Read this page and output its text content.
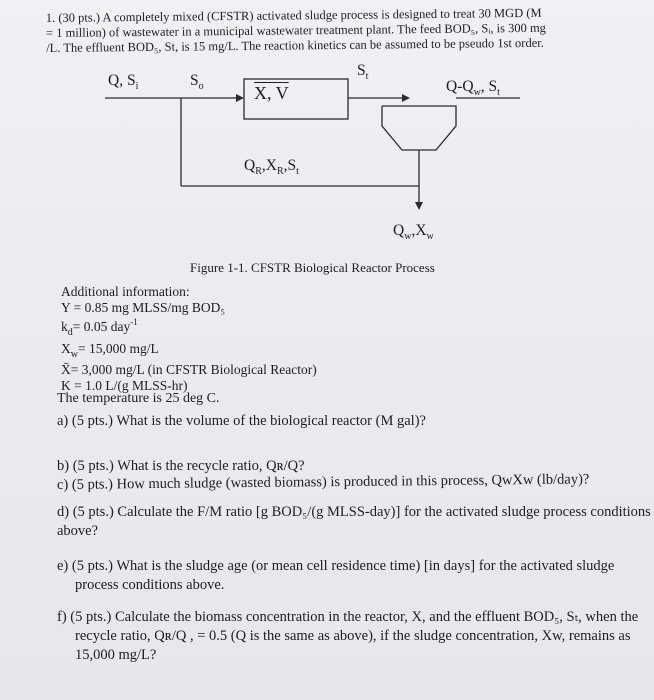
1. (30 pts.) A completely mixed (CFSTR) activated sludge process is designed to treat 30 MGD (M
= 1 million) of wastewater in a municipal wastewater treatment plant. The feed BOD₅, Sᵢ, is 300 mg
/L. The effluent BOD₅, St, is 15 mg/L. The reaction kinetics can be assumed to be pseudo 1st order.
Q, $S_i$	$S_o$	X, V
$S_t$
$Q-Q_w$, $S_t$
$Q_R,X_R,S_t$
$Q_w,X_w$
Figure 1-1. CFSTR Biological Reactor Process
Additional information:
Y = 0.85 mg MLSS/mg BOD₅
$k_d= 0.05$ day$^{-1}$
$X_w= 15,000$ mg/L
X̄= 3,000 mg/L (in CFSTR Biological Reactor)
K = 1.0 L/(g MLSS-hr)
The temperature is 25 deg C.
a) (5 pts.) What is the volume of the biological reactor (M gal)?
b) (5 pts.) What is the recycle ratio, Qʀ/Q?
c) (5 pts.) How much sludge (wasted biomass) is produced in this process, QwXw (lb/day)?
d) (5 pts.) Calculate the F/M ratio [g BOD₅/(g MLSS-day)] for the activated sludge process conditions
above?
e) (5 pts.) What is the sludge age (or mean cell residence time) [in days] for the activated sludge
process conditions above.
f) (5 pts.) Calculate the biomass concentration in the reactor, X, and the effluent BOD₅, Sₜ, when the
recycle ratio, Qʀ/Q , = 0.5 (Q is the same as above), if the sludge concentration, Xw, remains as
15,000 mg/L?
